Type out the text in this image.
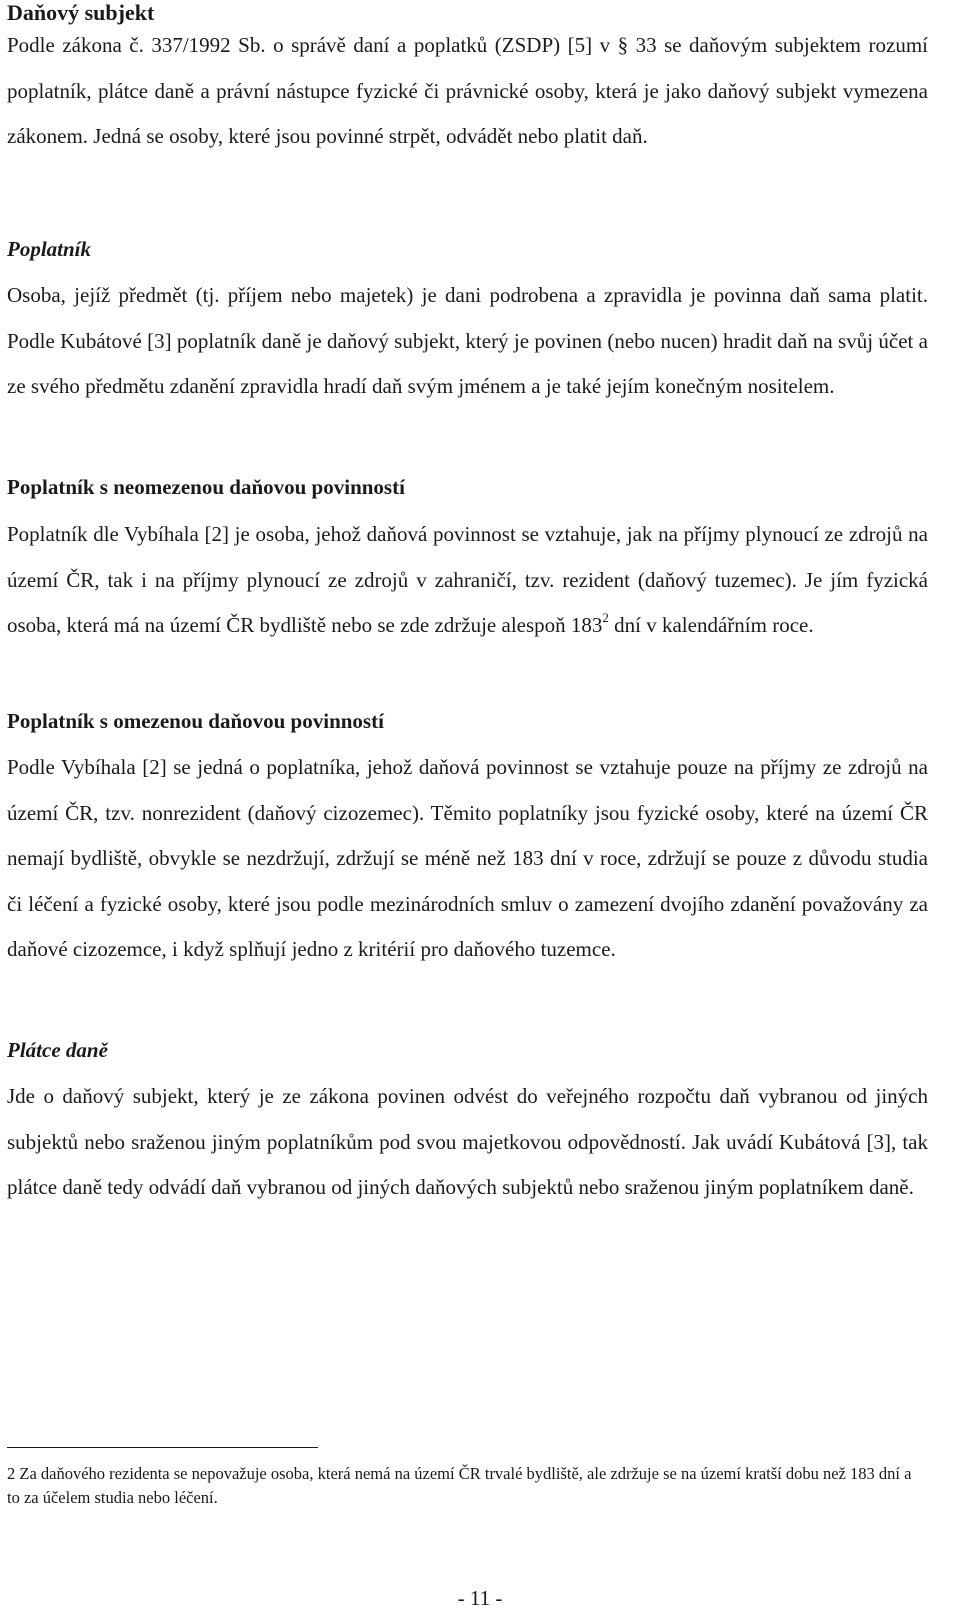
Daňový subjekt

Podle zákona č. 337/1992 Sb. o správě daní a poplatků (ZSDP) [5] v § 33 se daňovým subjektem rozumí poplatník, plátce daně a právní nástupce fyzické či právnické osoby, která je jako daňový subjekt vymezena zákonem. Jedná se osoby, které jsou povinné strpět, odvádět nebo platit daň.

Poplatník

Osoba, jejíž předmět (tj. příjem nebo majetek) je dani podrobena a zpravidla je povinna daň sama platit. Podle Kubátové [3] poplatník daně je daňový subjekt, který je povinen (nebo nucen) hradit daň na svůj účet a ze svého předmětu zdanění zpravidla hradí daň svým jménem a je také jejím konečným nositelem.

Poplatník s neomezenou daňovou povinností

Poplatník dle Vybíhala [2] je osoba, jehož daňová povinnost se vztahuje, jak na příjmy plynoucí ze zdrojů na území ČR, tak i na příjmy plynoucí ze zdrojů v zahraničí, tzv. rezident (daňový tuzemec). Je jím fyzická osoba, která má na území ČR bydliště nebo se zde zdržuje alespoň $183^2$ dní v kalendářním roce.

Poplatník s omezenou daňovou povinností

Podle Vybíhala [2] se jedná o poplatníka, jehož daňová povinnost se vztahuje pouze na příjmy ze zdrojů na území ČR, tzv. nonrezident (daňový cizozemec). Těmito poplatníky jsou fyzické osoby, které na území ČR nemají bydliště, obvykle se nezdržují, zdržují se méně než 183 dní v roce, zdržují se pouze z důvodu studia či léčení a fyzické osoby, které jsou podle mezinárodních smluv o zamezení dvojího zdanění považovány za daňové cizozemce, i když splňují jedno z kritérií pro daňového tuzemce.

Plátce daně

Jde o daňový subjekt, který je ze zákona povinen odvést do veřejného rozpočtu daň vybranou od jiných subjektů nebo sraženou jiným poplatníkům pod svou majetkovou odpovědností. Jak uvádí Kubátová [3], tak plátce daně tedy odvádí daň vybranou od jiných daňových subjektů nebo sraženou jiným poplatníkem daně.

2 Za daňového rezidenta se nepovažuje osoba, která nemá na území ČR trvalé bydliště, ale zdržuje se na území kratší dobu než 183 dní a to za účelem studia nebo léčení.

- 11 -
